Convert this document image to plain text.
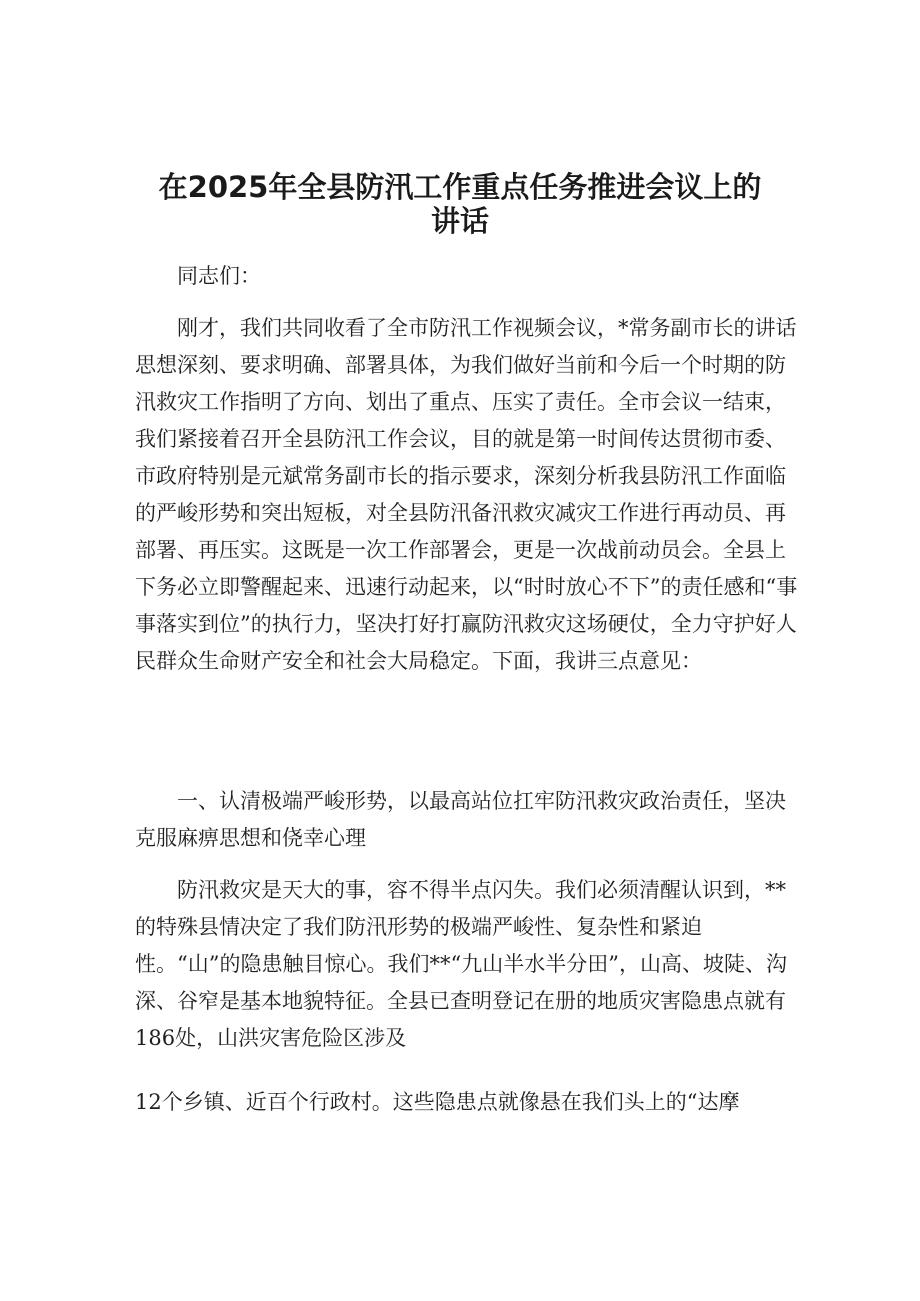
在2025年全县防汛工作重点任务推进会议上的
讲话

同志们：

刚才，我们共同收看了全市防汛工作视频会议，*常务副市长的讲话思想深刻、要求明确、部署具体，为我们做好当前和今后一个时期的防汛救灾工作指明了方向、划出了重点、压实了责任。全市会议一结束，我们紧接着召开全县防汛工作会议，目的就是第一时间传达贯彻市委、市政府特别是元斌常务副市长的指示要求，深刻分析我县防汛工作面临的严峻形势和突出短板，对全县防汛备汛救灾减灾工作进行再动员、再部署、再压实。这既是一次工作部署会，更是一次战前动员会。全县上下务必立即警醒起来、迅速行动起来，以“时时放心不下”的责任感和“事事落实到位”的执行力，坚决打好打赢防汛救灾这场硬仗，全力守护好人民群众生命财产安全和社会大局稳定。下面，我讲三点意见：

一、认清极端严峻形势，以最高站位扛牢防汛救灾政治责任，坚决克服麻痹思想和侥幸心理

防汛救灾是天大的事，容不得半点闪失。我们必须清醒认识到，**的特殊县情决定了我们防汛形势的极端严峻性、复杂性和紧迫性。“山”的隐患触目惊心。我们**“九山半水半分田”，山高、坡陡、沟深、谷窄是基本地貌特征。全县已查明登记在册的地质灾害隐患点就有186处，山洪灾害危险区涉及

12个乡镇、近百个行政村。这些隐患点就像悬在我们头上的“达摩
